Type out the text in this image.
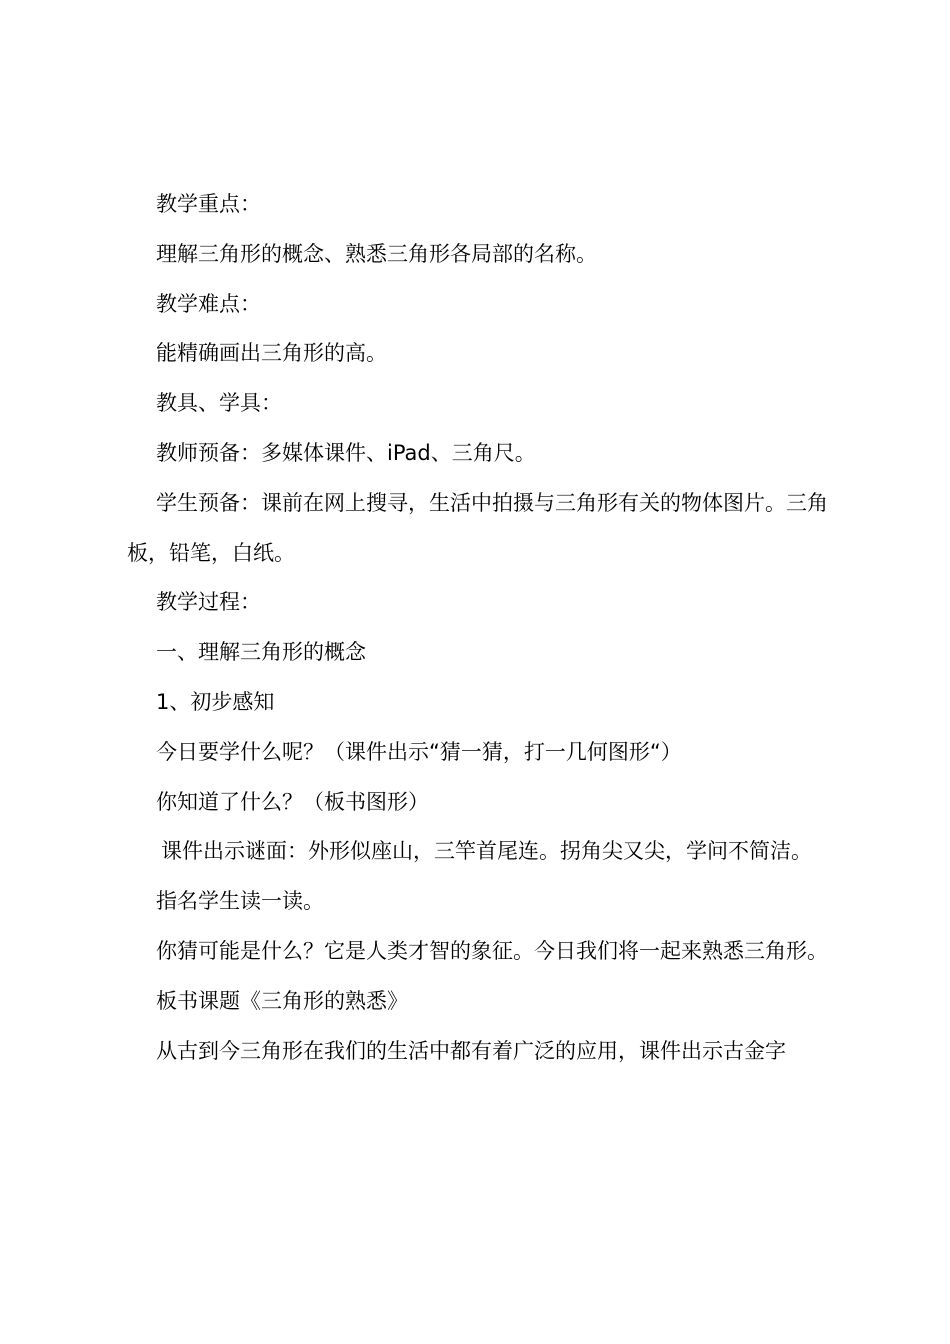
教学重点：

理解三角形的概念、熟悉三角形各局部的名称。

教学难点：

能精确画出三角形的高。

教具、学具：

教师预备：多媒体课件、iPad、三角尺。

学生预备：课前在网上搜寻，生活中拍摄与三角形有关的物体图片。三角板，铅笔，白纸。

教学过程：

一、理解三角形的概念

1、初步感知

今日要学什么呢？（课件出示“猜一猜，打一几何图形“）

你知道了什么？（板书图形）

课件出示谜面：外形似座山，三竿首尾连。拐角尖又尖，学问不简洁。

指名学生读一读。

你猜可能是什么？它是人类才智的象征。今日我们将一起来熟悉三角形。

板书课题《三角形的熟悉》

从古到今三角形在我们的生活中都有着广泛的应用，课件出示古金字
